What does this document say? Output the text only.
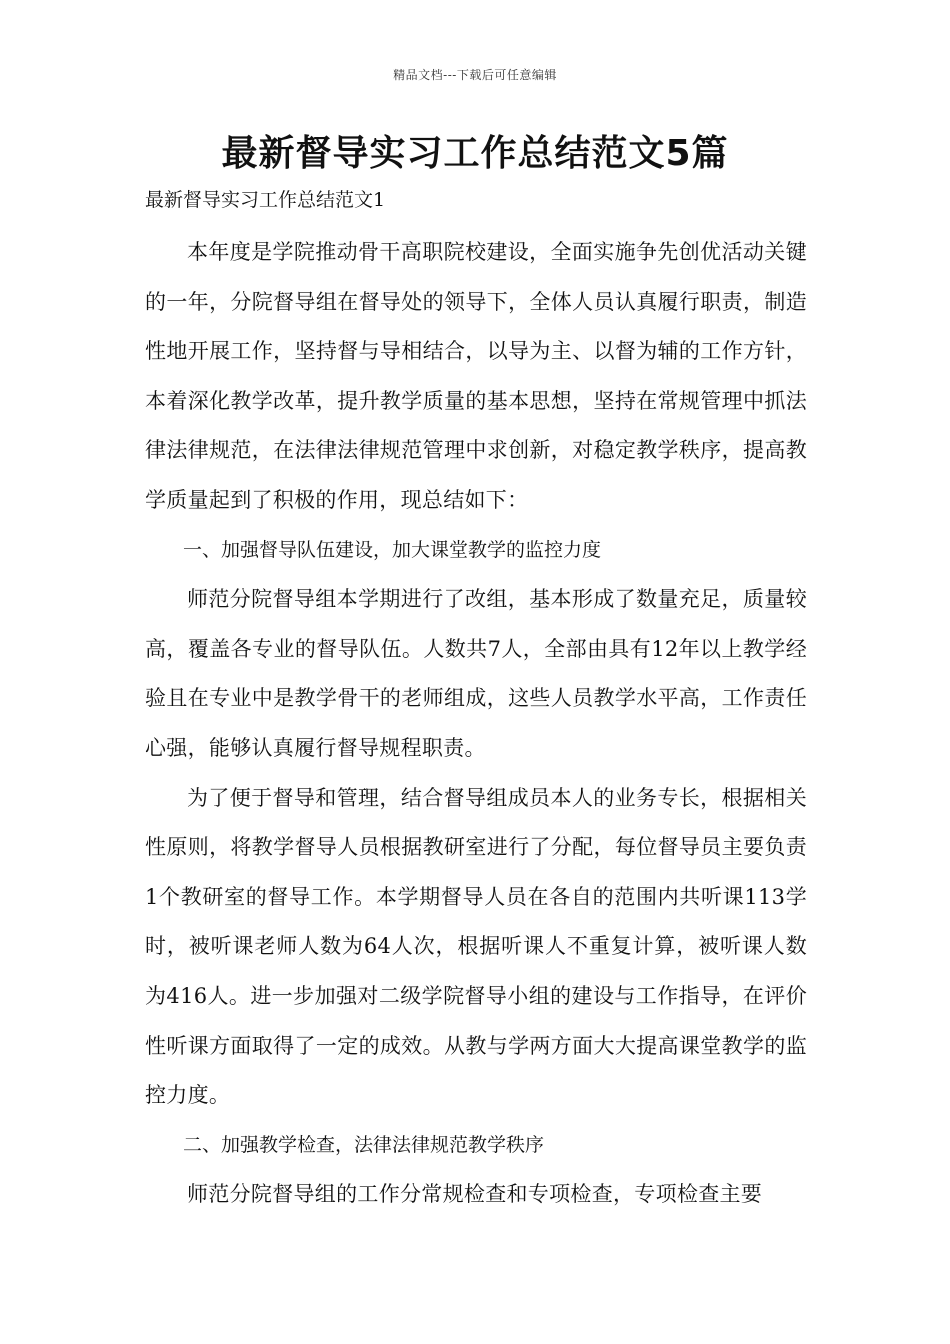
精品文档---下载后可任意编辑
最新督导实习工作总结范文5篇
最新督导实习工作总结范文1

本年度是学院推动骨干高职院校建设，全面实施争先创优活动关键的一年，分院督导组在督导处的领导下，全体人员认真履行职责，制造性地开展工作，坚持督与导相结合，以导为主、以督为辅的工作方针，本着深化教学改革，提升教学质量的基本思想，坚持在常规管理中抓法律法律规范，在法律法律规范管理中求创新，对稳定教学秩序，提高教学质量起到了积极的作用，现总结如下：

一、加强督导队伍建设，加大课堂教学的监控力度

师范分院督导组本学期进行了改组，基本形成了数量充足，质量较高，覆盖各专业的督导队伍。人数共7人，全部由具有12年以上教学经验且在专业中是教学骨干的老师组成，这些人员教学水平高，工作责任心强，能够认真履行督导规程职责。

为了便于督导和管理，结合督导组成员本人的业务专长，根据相关性原则，将教学督导人员根据教研室进行了分配，每位督导员主要负责1个教研室的督导工作。本学期督导人员在各自的范围内共听课113学时，被听课老师人数为64人次，根据听课人不重复计算，被听课人数为416人。进一步加强对二级学院督导小组的建设与工作指导，在评价性听课方面取得了一定的成效。从教与学两方面大大提高课堂教学的监控力度。

二、加强教学检查，法律法律规范教学秩序

师范分院督导组的工作分常规检查和专项检查，专项检查主要
